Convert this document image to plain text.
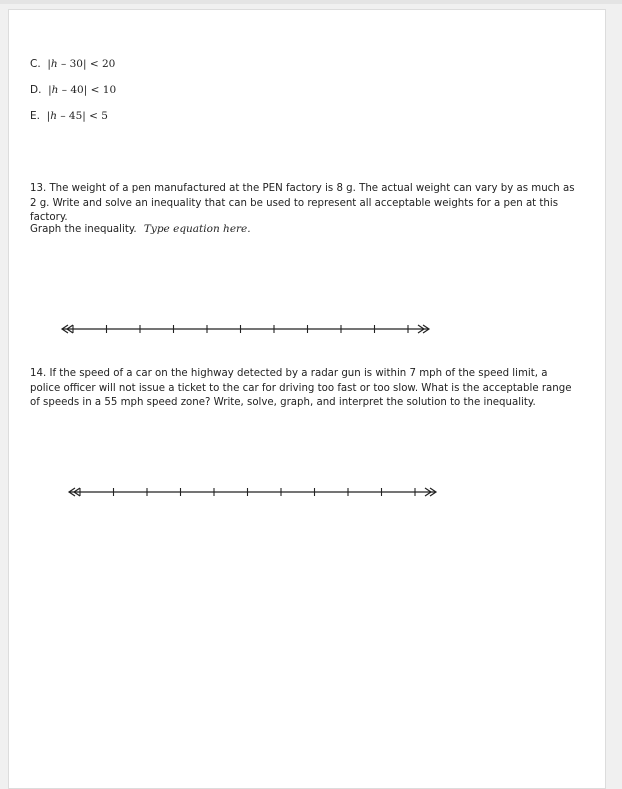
C.  |h – 30| < 20
D.  |h – 40| < 10
E.  |h – 45| < 5
13. The weight of a pen manufactured at the PEN factory is 8 g. The actual weight can vary by as much as 2 g. Write and solve an inequality that can be used to represent all acceptable weights for a pen at this factory.
Graph the inequality. Type equation here.
14. If the speed of a car on the highway detected by a radar gun is within 7 mph of the speed limit, a police officer will not issue a ticket to the car for driving too fast or too slow. What is the acceptable range of speeds in a 55 mph speed zone? Write, solve, graph, and interpret the solution to the inequality.
